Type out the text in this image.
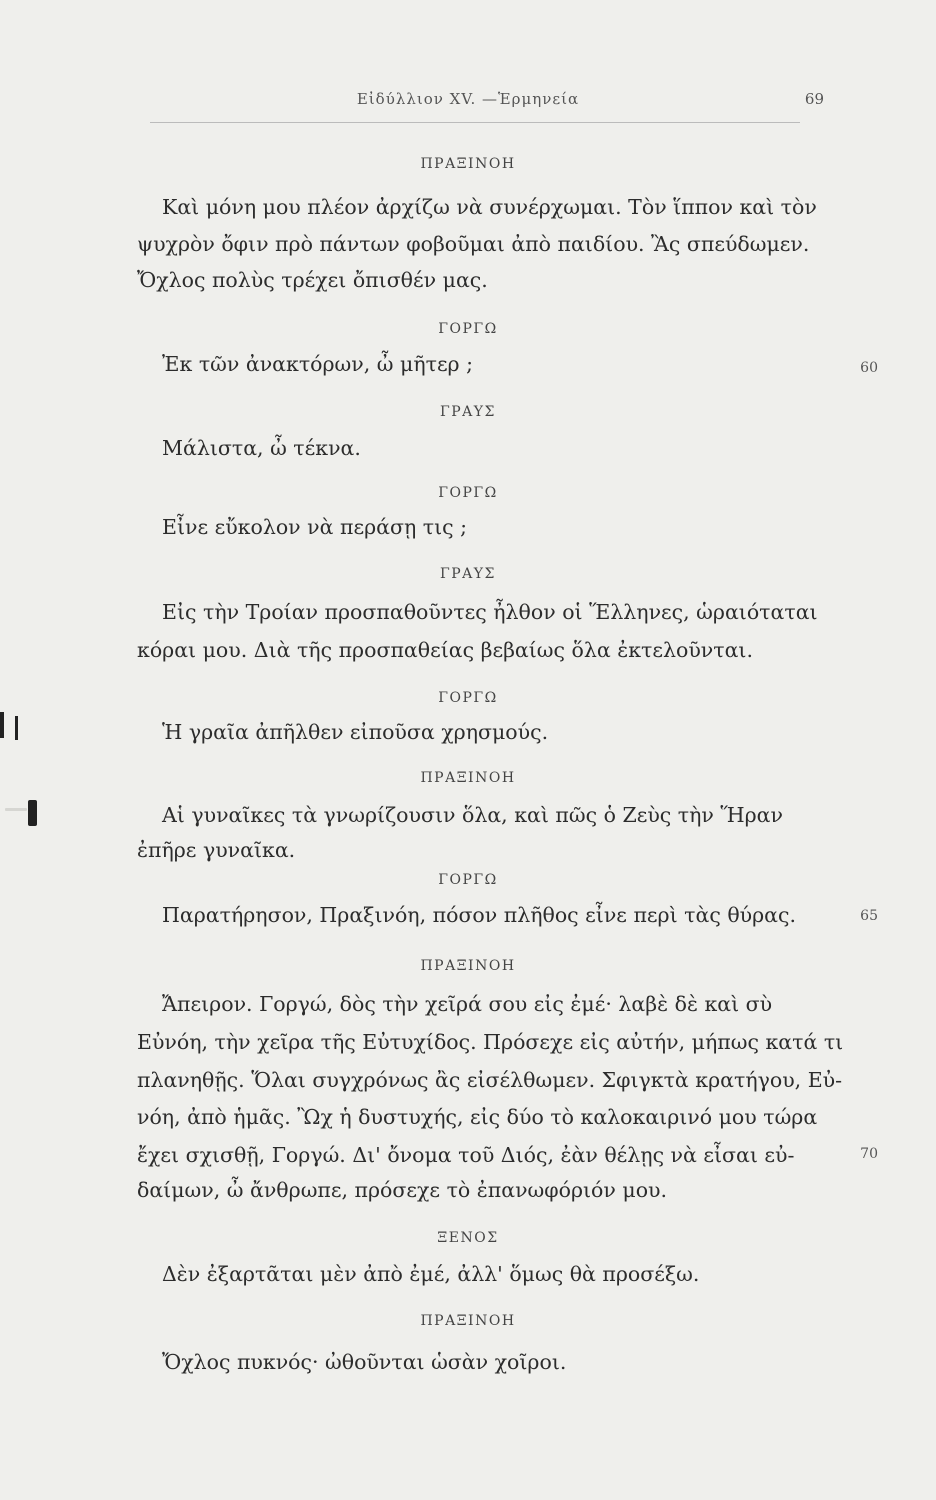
Εἰδύλλιον XV. —Ἑρμηνεία	69
ΠΡΑΞΙΝΟΗ
Καὶ μόνη μου πλέον ἀρχίζω νὰ συνέρχωμαι. Τὸν ἵππον καὶ τὸν
ψυχρὸν ὄφιν πρὸ πάντων φοβοῦμαι ἀπὸ παιδίου. Ἂς σπεύδωμεν.
Ὄχλος πολὺς τρέχει ὄπισθέν μας.
ΓΟΡΓΩ
Ἐκ τῶν ἀνακτόρων, ὦ μῆτερ ;	60
ΓΡΑΥΣ
Μάλιστα, ὦ τέκνα.
ΓΟΡΓΩ
Εἶνε εὔκολον νὰ περάσῃ τις ;
ΓΡΑΥΣ
Εἰς τὴν Τροίαν προσπαθοῦντες ἦλθον οἱ Ἕλληνες, ὡραιόταται
κόραι μου. Διὰ τῆς προσπαθείας βεβαίως ὅλα ἐκτελοῦνται.
ΓΟΡΓΩ
Ἡ γραῖα ἀπῆλθεν εἰποῦσα χρησμούς.
ΠΡΑΞΙΝΟΗ
Αἱ γυναῖκες τὰ γνωρίζουσιν ὅλα, καὶ πῶς ὁ Ζεὺς τὴν Ἥραν
ἐπῆρε γυναῖκα.
ΓΟΡΓΩ
Παρατήρησον, Πραξινόη, πόσον πλῆθος εἶνε περὶ τὰς θύρας.	65
ΠΡΑΞΙΝΟΗ
Ἄπειρον. Γοργώ, δὸς τὴν χεῖρά σου εἰς ἐμέ· λαβὲ δὲ καὶ σὺ
Εὐνόη, τὴν χεῖρα τῆς Εὐτυχίδος. Πρόσεχε εἰς αὐτήν, μήπως κατά τι
πλανηθῇς. Ὅλαι συγχρόνως ἂς εἰσέλθωμεν. Σφιγκτὰ κρατήγου, Εὐ-
νόη, ἀπὸ ἡμᾶς. Ὢχ ἡ δυστυχής, εἰς δύο τὸ καλοκαιρινό μου τώρα
ἔχει σχισθῇ, Γοργώ. Δι' ὄνομα τοῦ Διός, ἐὰν θέλῃς νὰ εἶσαι εὐ-	70
δαίμων, ὦ ἄνθρωπε, πρόσεχε τὸ ἐπανωφόριόν μου.
ΞΕΝΟΣ
Δὲν ἐξαρτᾶται μὲν ἀπὸ ἐμέ, ἀλλ' ὅμως θὰ προσέξω.
ΠΡΑΞΙΝΟΗ
Ὄχλος πυκνός· ὠθοῦνται ὡσὰν χοῖροι.
